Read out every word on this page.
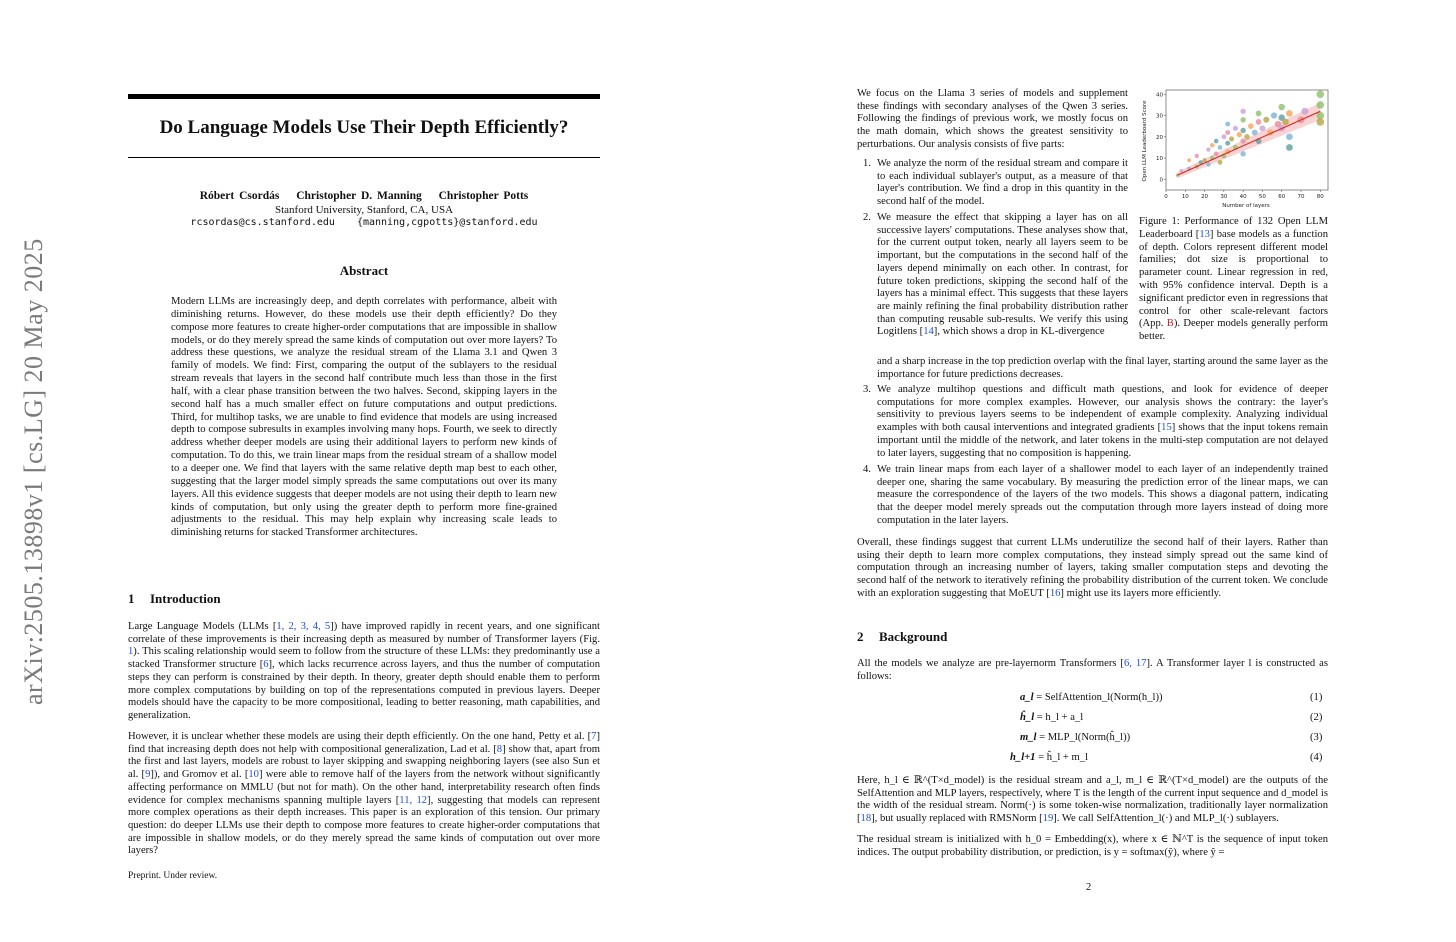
arXiv:2505.13898v1 [cs.LG] 20 May 2025
Do Language Models Use Their Depth Efficiently?
Róbert Csordás Christopher D. Manning Christopher Potts
Stanford University, Stanford, CA, USA
rcsordas@cs.stanford.edu {manning,cgpotts}@stanford.edu
Abstract

Modern LLMs are increasingly deep, and depth correlates with performance, albeit with diminishing returns. However, do these models use their depth efficiently? Do they compose more features to create higher-order computations that are impossible in shallow models, or do they merely spread the same kinds of computation out over more layers? To address these questions, we analyze the residual stream of the Llama 3.1 and Qwen 3 family of models. We find: First, comparing the output of the sublayers to the residual stream reveals that layers in the second half contribute much less than those in the first half, with a clear phase transition between the two halves. Second, skipping layers in the second half has a much smaller effect on future computations and output predictions. Third, for multihop tasks, we are unable to find evidence that models are using increased depth to compose subresults in examples involving many hops. Fourth, we seek to directly address whether deeper models are using their additional layers to perform new kinds of computation. To do this, we train linear maps from the residual stream of a shallow model to a deeper one. We find that layers with the same relative depth map best to each other, suggesting that the larger model simply spreads the same computations out over its many layers. All this evidence suggests that deeper models are not using their depth to learn new kinds of computation, but only using the greater depth to perform more fine-grained adjustments to the residual. This may help explain why increasing scale leads to diminishing returns for stacked Transformer architectures.

1 Introduction

Large Language Models (LLMs [1, 2, 3, 4, 5]) have improved rapidly in recent years, and one significant correlate of these improvements is their increasing depth as measured by number of Transformer layers (Fig. 1). This scaling relationship would seem to follow from the structure of these LLMs: they predominantly use a stacked Transformer structure [6], which lacks recurrence across layers, and thus the number of computation steps they can perform is constrained by their depth. In theory, greater depth should enable them to perform more complex computations by building on top of the representations computed in previous layers. Deeper models should have the capacity to be more compositional, leading to better reasoning, math capabilities, and generalization.

However, it is unclear whether these models are using their depth efficiently. On the one hand, Petty et al. [7] find that increasing depth does not help with compositional generalization, Lad et al. [8] show that, apart from the first and last layers, models are robust to layer skipping and swapping neighboring layers (see also Sun et al. [9]), and Gromov et al. [10] were able to remove half of the layers from the network without significantly affecting performance on MMLU (but not for math). On the other hand, interpretability research often finds evidence for complex mechanisms spanning multiple layers [11, 12], suggesting that models can represent more complex operations as their depth increases. This paper is an exploration of this tension. Our primary question: do deeper LLMs use their depth to compose more features to create higher-order computations that are impossible in shallow models, or do they merely spread the same kinds of computation out over more layers?

Preprint. Under review.

We focus on the Llama 3 series of models and supplement these findings with secondary analyses of the Qwen 3 series. Following the findings of previous work, we mostly focus on the math domain, which shows the greatest sensitivity to perturbations. Our analysis consists of five parts:

0	10 20 30 40 50 60 70 80
0
10
20
30
40
Number of layers
Open LLM Leaderboard Score

Figure 1: Performance of 132 Open LLM Leaderboard [13] base models as a function of depth. Colors represent different model families; dot size is proportional to parameter count. Linear regression in red, with 95% confidence interval. Depth is a significant predictor even in regressions that control for other scale-relevant factors (App. B). Deeper models generally perform better.

1. We analyze the norm of the residual stream and compare it to each individual sublayer's output, as a measure of that layer's contribution. We find a drop in this quantity in the second half of the model.

2. We measure the effect that skipping a layer has on all successive layers' computations. These analyses show that, for the current output token, nearly all layers seem to be important, but the computations in the second half of the layers depend minimally on each other. In contrast, for future token predictions, skipping the second half of the layers has a minimal effect. This suggests that these layers are mainly refining the final probability distribution rather than computing reusable sub-results. We verify this using Logitlens [14], which shows a drop in KL-divergence

and a sharp increase in the top prediction overlap with the final layer, starting around the same layer as the importance for future predictions decreases.

3. We analyze multihop questions and difficult math questions, and look for evidence of deeper computations for more complex examples. However, our analysis shows the contrary: the layer's sensitivity to previous layers seems to be independent of example complexity. Analyzing individual examples with both causal interventions and integrated gradients [15] shows that the input tokens remain important until the middle of the network, and later tokens in the multi-step computation are not delayed to later layers, suggesting that no composition is happening.

4. We train linear maps from each layer of a shallower model to each layer of an independently trained deeper one, sharing the same vocabulary. By measuring the prediction error of the linear maps, we can measure the correspondence of the layers of the two models. This shows a diagonal pattern, indicating that the deeper model merely spreads out the computation through more layers instead of doing more computation in the later layers.

Overall, these findings suggest that current LLMs underutilize the second half of their layers. Rather than using their depth to learn more complex computations, they instead simply spread out the same kind of computation through an increasing number of layers, taking smaller computation steps and devoting the second half of the network to iteratively refining the probability distribution of the current token. We conclude with an exploration suggesting that MoEUT [16] might use its layers more efficiently.

2 Background

All the models we analyze are pre-layernorm Transformers [6, 17]. A Transformer layer l is constructed as follows:

a_l = SelfAttention_l(Norm(h_l))	(1)
ĥ_l = h_l + a_l	(2)
m_l = MLP_l(Norm(ĥ_l))	(3)
h_l+1 = ĥ_l + m_l	(4)

Here, h_l ∈ ℝ^(T×d_model) is the residual stream and a_l, m_l ∈ ℝ^(T×d_model) are the outputs of the SelfAttention and MLP layers, respectively, where T is the length of the current input sequence and d_model is the width of the residual stream. Norm(·) is some token-wise normalization, traditionally layer normalization [18], but usually replaced with RMSNorm [19]. We call SelfAttention_l(·) and MLP_l(·) sublayers.

The residual stream is initialized with h_0 = Embedding(x), where x ∈ ℕ^T is the sequence of input token indices. The output probability distribution, or prediction, is y = softmax(ŷ), where ŷ =

2
